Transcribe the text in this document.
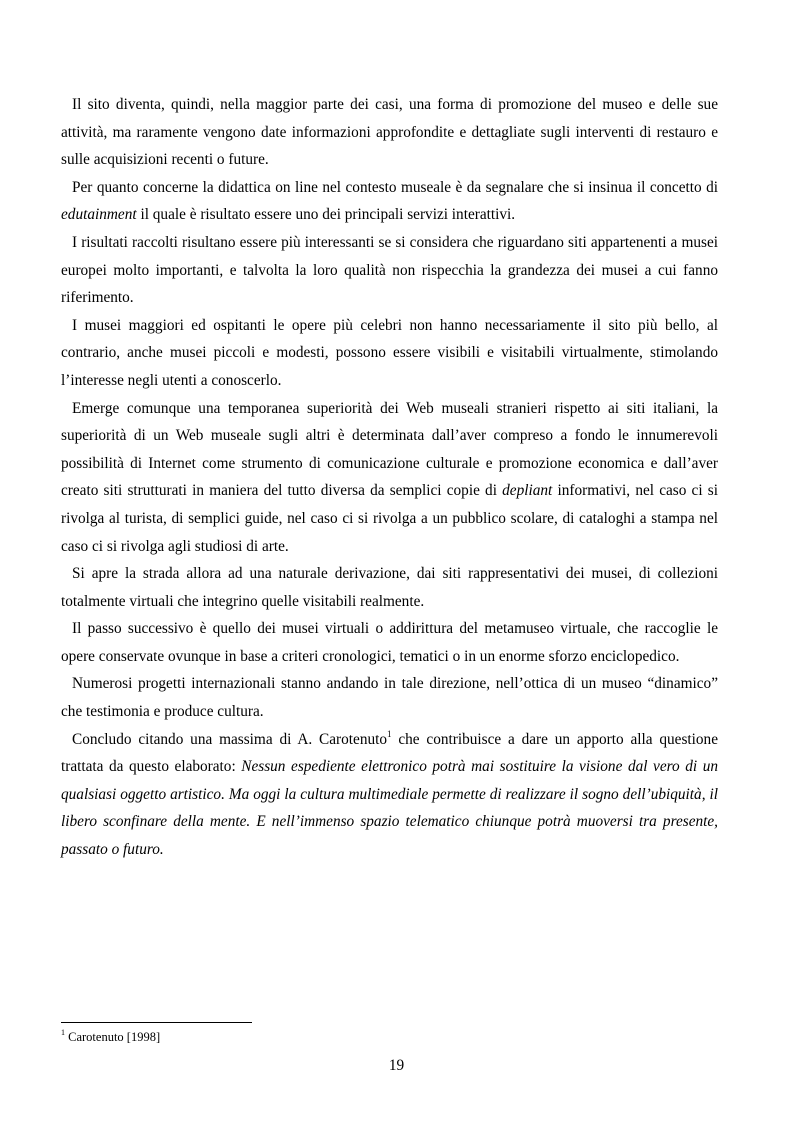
Il sito diventa, quindi, nella maggior parte dei casi, una forma di promozione del museo e delle sue attività, ma raramente vengono date informazioni approfondite e dettagliate sugli interventi di restauro e sulle acquisizioni recenti o future.

Per quanto concerne la didattica on line nel contesto museale è da segnalare che si insinua il concetto di edutainment il quale è risultato essere uno dei principali servizi interattivi.

I risultati raccolti risultano essere più interessanti se si considera che riguardano siti appartenenti a musei europei molto importanti, e talvolta la loro qualità non rispecchia la grandezza dei musei a cui fanno riferimento.

I musei maggiori ed ospitanti le opere più celebri non hanno necessariamente il sito più bello, al contrario, anche musei piccoli e modesti, possono essere visibili e visitabili virtualmente, stimolando l’interesse negli utenti a conoscerlo.

Emerge comunque una temporanea superiorità dei Web museali stranieri rispetto ai siti italiani, la superiorità di un Web museale sugli altri è determinata dall’aver compreso a fondo le innumerevoli possibilità di Internet come strumento di comunicazione culturale e promozione economica e dall’aver creato siti strutturati in maniera del tutto diversa da semplici copie di depliant informativi, nel caso ci si rivolga al turista, di semplici guide, nel caso ci si rivolga a un pubblico scolare, di cataloghi a stampa nel caso ci si rivolga agli studiosi di arte.

Si apre la strada allora ad una naturale derivazione, dai siti rappresentativi dei musei, di collezioni totalmente virtuali che integrino quelle visitabili realmente.

Il passo successivo è quello dei musei virtuali o addirittura del metamuseo virtuale, che raccoglie le opere conservate ovunque in base a criteri cronologici, tematici o in un enorme sforzo enciclopedico.

Numerosi progetti internazionali stanno andando in tale direzione, nell’ottica di un museo “dinamico” che testimonia e produce cultura.

Concludo citando una massima di A. Carotenuto$^1$ che contribuisce a dare un apporto alla questione trattata da questo elaborato: Nessun espediente elettronico potrà mai sostituire la visione dal vero di un qualsiasi oggetto artistico. Ma oggi la cultura multimediale permette di realizzare il sogno dell’ubiquità, il libero sconfinare della mente. E nell’immenso spazio telematico chiunque potrà muoversi tra presente, passato o futuro.

$^1$ Carotenuto [1998]
19
